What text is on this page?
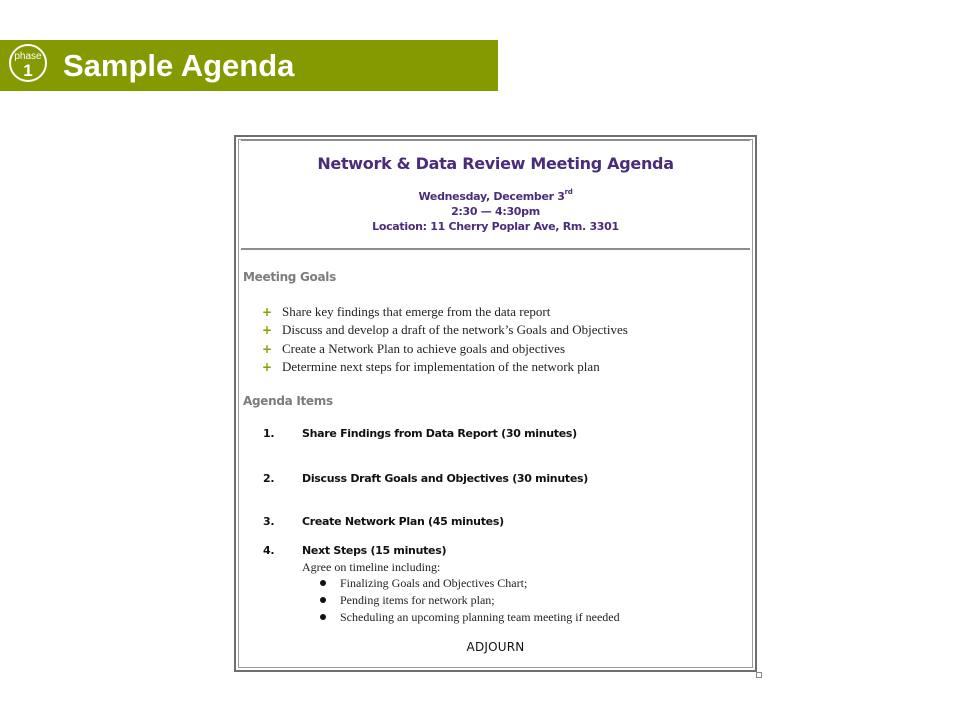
phase
1 Sample Agenda
Network & Data Review Meeting Agenda
Wednesday, December 3rd
2:30 — 4:30pm
Location: 11 Cherry Poplar Ave, Rm. 3301
Meeting Goals
+ Share key findings that emerge from the data report
+ Discuss and develop a draft of the network’s Goals and Objectives
+ Create a Network Plan to achieve goals and objectives
+ Determine next steps for implementation of the network plan
Agenda Items
1.	Share Findings from Data Report (30 minutes)
2.	Discuss Draft Goals and Objectives (30 minutes)
3.	Create Network Plan (45 minutes)
4.	Next Steps (15 minutes)
Agree on timeline including:
Finalizing Goals and Objectives Chart;
Pending items for network plan;
Scheduling an upcoming planning team meeting if needed
ADJOURN
